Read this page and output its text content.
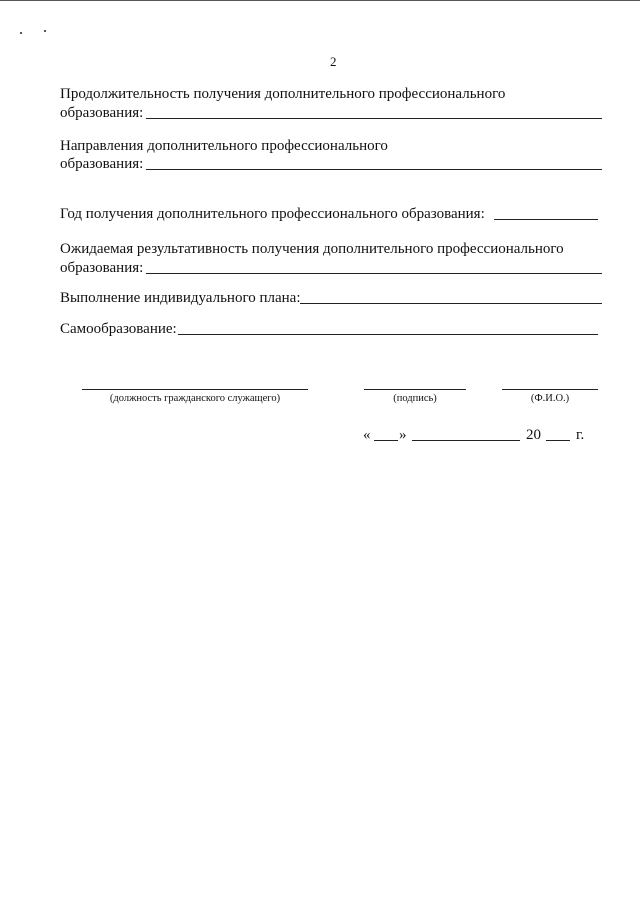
2
Продолжительность получения дополнительного профессионального
образования:
Направления дополнительного профессионального
образования:
Год получения дополнительного профессионального образования:
Ожидаемая результативность получения дополнительного профессионального
образования:
Выполнение индивидуального плана:
Самообразование:
(должность гражданского служащего)	(подпись)	(Ф.И.О.)
« »	20 г.
